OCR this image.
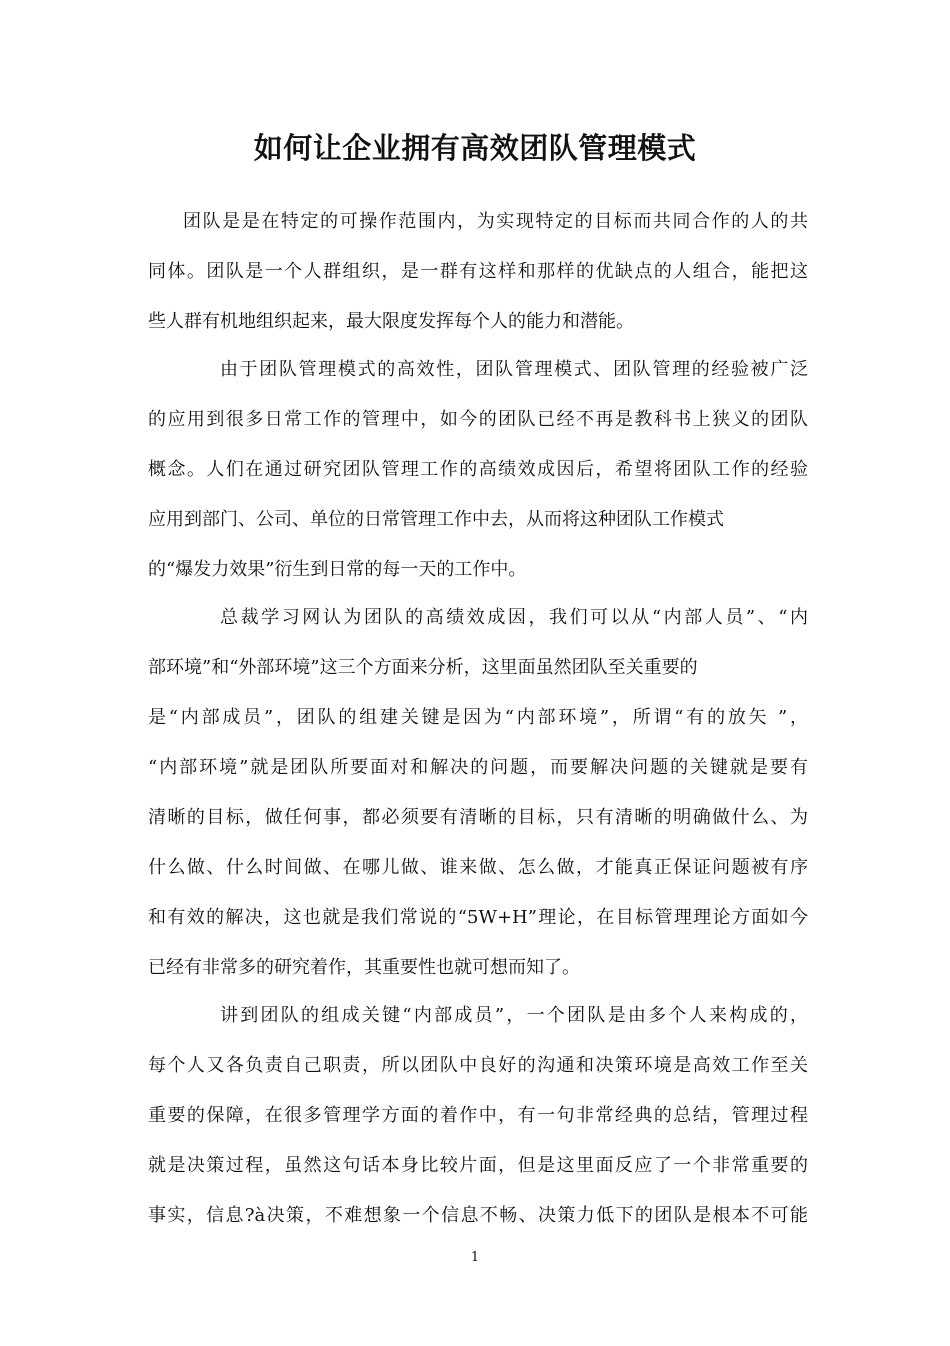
如何让企业拥有高效团队管理模式
团队是是在特定的可操作范围内，为实现特定的目标而共同合作的人的共
同体。团队是一个人群组织，是一群有这样和那样的优缺点的人组合，能把这
些人群有机地组织起来，最大限度发挥每个人的能力和潜能。
由于团队管理模式的高效性，团队管理模式、团队管理的经验被广泛
的应用到很多日常工作的管理中，如今的团队已经不再是教科书上狭义的团队
概念。人们在通过研究团队管理工作的高绩效成因后，希望将团队工作的经验
应用到部门、公司、单位的日常管理工作中去，从而将这种团队工作模式
的“爆发力效果”衍生到日常的每一天的工作中。
总裁学习网认为团队的高绩效成因，我们可以从“内部人员”、“内
部环境”和“外部环境”这三个方面来分析，这里面虽然团队至关重要的
是“内部成员”，团队的组建关键是因为“内部环境”，所谓“有的放矢 ”，
“内部环境”就是团队所要面对和解决的问题，而要解决问题的关键就是要有
清晰的目标，做任何事，都必须要有清晰的目标，只有清晰的明确做什么、为
什么做、什么时间做、在哪儿做、谁来做、怎么做，才能真正保证问题被有序
和有效的解决，这也就是我们常说的“5W+H”理论，在目标管理理论方面如今
已经有非常多的研究着作，其重要性也就可想而知了。
讲到团队的组成关键“内部成员”，一个团队是由多个人来构成的，
每个人又各负责自己职责，所以团队中良好的沟通和决策环境是高效工作至关
重要的保障，在很多管理学方面的着作中，有一句非常经典的总结，管理过程
就是决策过程，虽然这句话本身比较片面，但是这里面反应了一个非常重要的
事实，信息?à决策，不难想象一个信息不畅、决策力低下的团队是根本不可能
1
